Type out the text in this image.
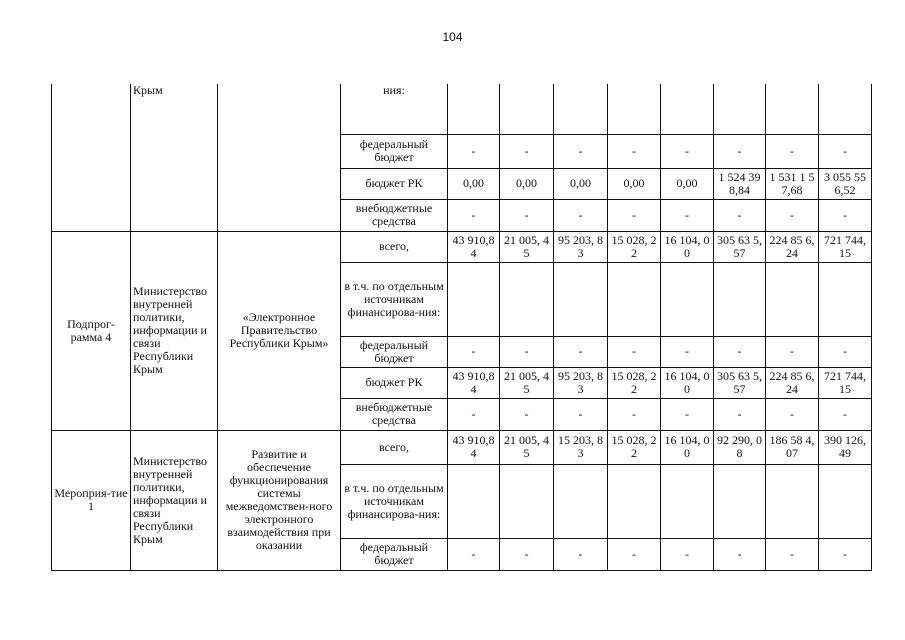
104
	Крым		ния:								
			федеральный бюджет	-	-	-	-	-	-	-	-
			бюджет РК	0,00	0,00	0,00	0,00	0,00	1 524 398,84	1 531 1 57,68	3 055 556,52
			внебюджетные средства	-	-	-	-	-	-	-	-
Подпрог-рамма 4	Министерство внутренней политики, информации и связи Республики Крым	«Электронное Правительство Республики Крым»	всего,	43 910,84	21 005, 45	95 203, 83	15 028, 22	16 104, 00	305 63 5,57	224 85 6,24	721 744, 15
			в т.ч. по отдельным источникам финансирова-ния:								
			федеральный бюджет	-	-	-	-	-	-	-	-
			бюджет РК	43 910,84	21 005, 45	95 203, 83	15 028, 22	16 104, 00	305 63 5,57	224 85 6,24	721 744, 15
			внебюджетные средства	-	-	-	-	-	-	-	-
Мероприя-тие 1	Министерство внутренней политики, информации и связи Республики Крым	Развитие и обеспечение функционирования системы межведомствен-ного электронного взаимодействия при оказании	всего,	43 910,84	21 005, 45	15 203, 83	15 028, 22	16 104, 00	92 290, 08	186 58 4,07	390 126, 49
			в т.ч. по отдельным источникам финансирова-ния:								
			федеральный бюджет	-	-	-	-	-	-	-	-
